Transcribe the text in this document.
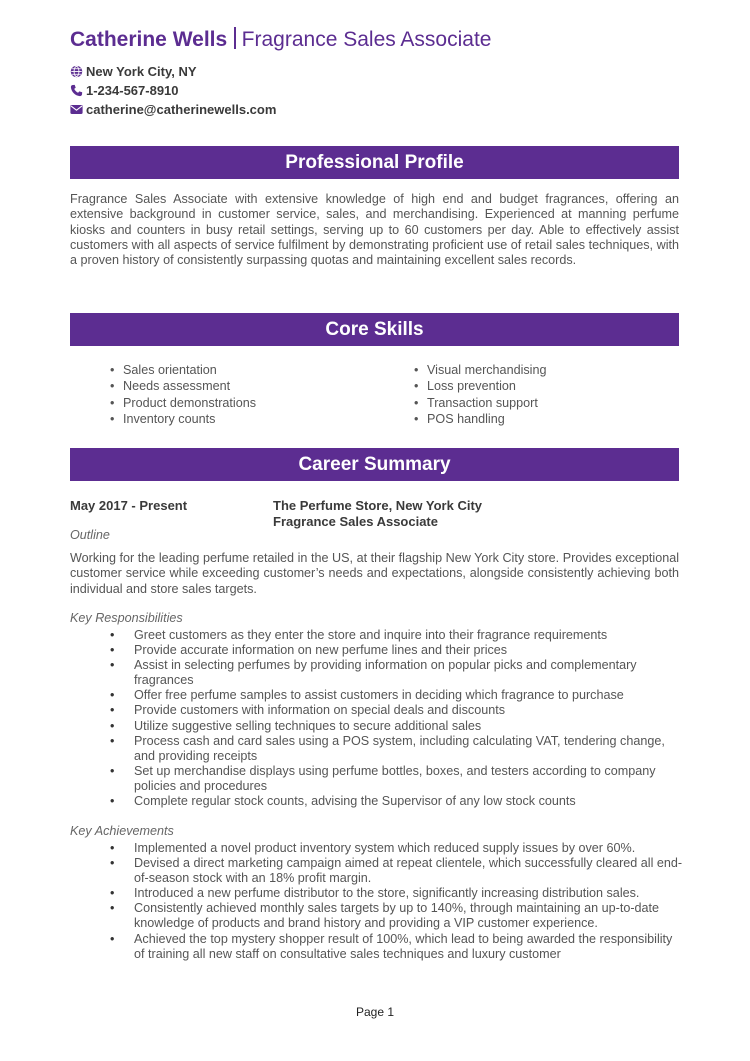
Catherine Wells Fragrance Sales Associate
New York City, NY
1-234-567-8910
catherine@catherinewells.com
Professional Profile

Fragrance Sales Associate with extensive knowledge of high end and budget fragrances, offering an extensive background in customer service, sales, and merchandising. Experienced at manning perfume kiosks and counters in busy retail settings, serving up to 60 customers per day. Able to effectively assist customers with all aspects of service fulfilment by demonstrating proficient use of retail sales techniques, with a proven history of consistently surpassing quotas and maintaining excellent sales records.

Core Skills
• Sales orientation
• Needs assessment
• Product demonstrations
• Inventory counts
• Visual merchandising
• Loss prevention
• Transaction support
• POS handling
Career Summary
May 2017 - Present	The Perfume Store, New York City
Fragrance Sales Associate
Outline

Working for the leading perfume retailed in the US, at their flagship New York City store. Provides exceptional customer service while exceeding customer’s needs and expectations, alongside consistently achieving both individual and store sales targets.

Key Responsibilities
• Greet customers as they enter the store and inquire into their fragrance requirements
• Provide accurate information on new perfume lines and their prices
• Assist in selecting perfumes by providing information on popular picks and complementary fragrances
• Offer free perfume samples to assist customers in deciding which fragrance to purchase
• Provide customers with information on special deals and discounts
• Utilize suggestive selling techniques to secure additional sales
• Process cash and card sales using a POS system, including calculating VAT, tendering change, and providing receipts
• Set up merchandise displays using perfume bottles, boxes, and testers according to company policies and procedures
• Complete regular stock counts, advising the Supervisor of any low stock counts
Key Achievements
• Implemented a novel product inventory system which reduced supply issues by over 60%.
• Devised a direct marketing campaign aimed at repeat clientele, which successfully cleared all end-of-season stock with an 18% profit margin.
• Introduced a new perfume distributor to the store, significantly increasing distribution sales.
• Consistently achieved monthly sales targets by up to 140%, through maintaining an up-to-date knowledge of products and brand history and providing a VIP customer experience.
• Achieved the top mystery shopper result of 100%, which lead to being awarded the responsibility of training all new staff on consultative sales techniques and luxury customer
Page 1
